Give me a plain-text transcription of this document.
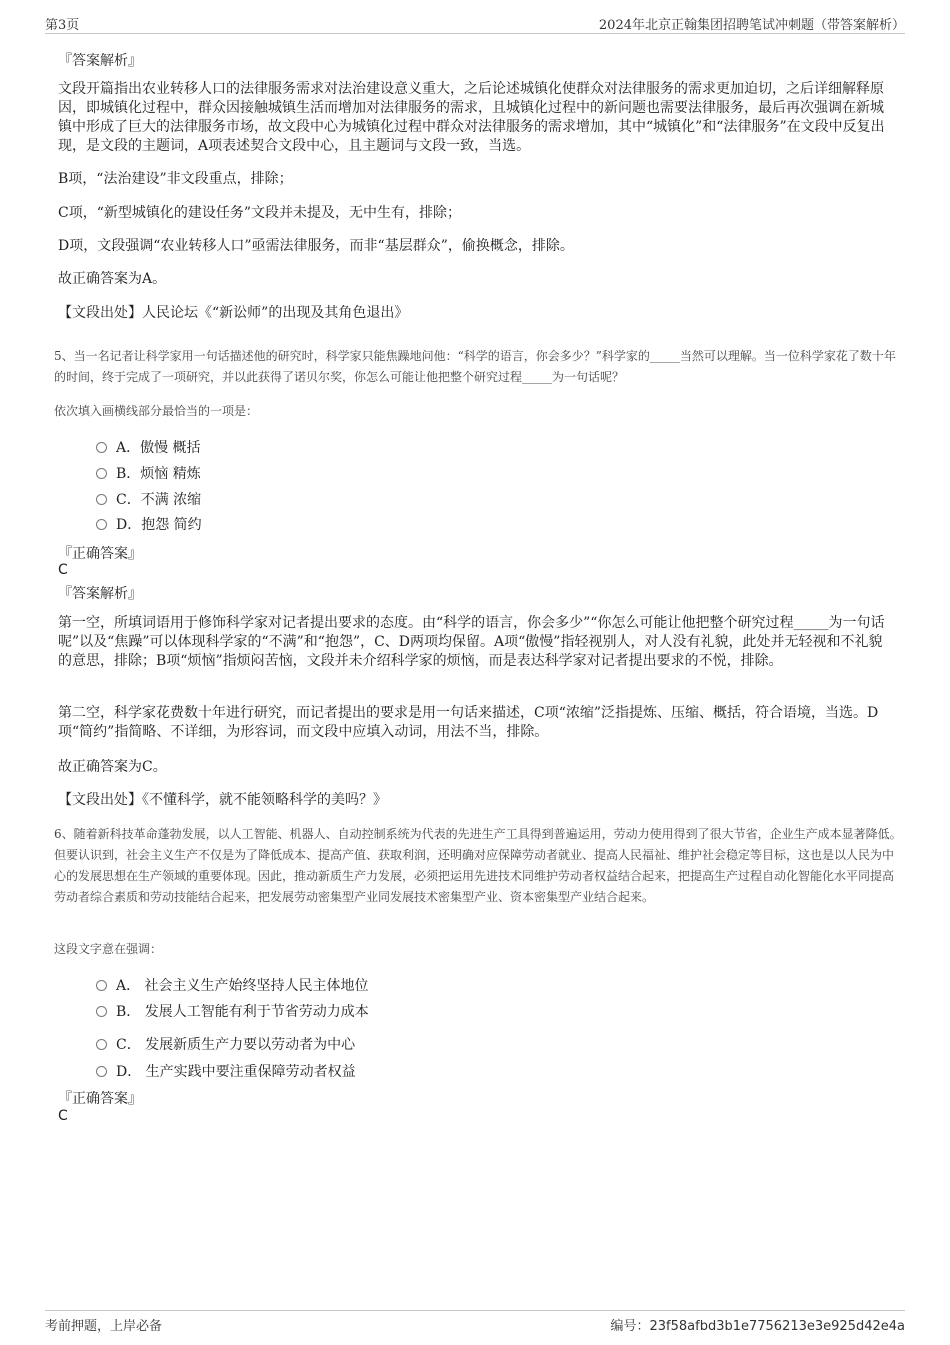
第3页	2024年北京正翰集团招聘笔试冲刺题（带答案解析）
『答案解析』
文段开篇指出农业转移人口的法律服务需求对法治建设意义重大，之后论述城镇化使群众对法律服务的需求更加迫切，之后详细解释原因，即城镇化过程中，群众因接触城镇生活而增加对法律服务的需求，且城镇化过程中的新问题也需要法律服务，最后再次强调在新城镇中形成了巨大的法律服务市场，故文段中心为城镇化过程中群众对法律服务的需求增加，其中“城镇化”和“法律服务”在文段中反复出现，是文段的主题词，A项表述契合文段中心，且主题词与文段一致，当选。
B项，“法治建设”非文段重点，排除；
C项，“新型城镇化的建设任务”文段并未提及，无中生有，排除；
D项，文段强调“农业转移人口”亟需法律服务，而非“基层群众”，偷换概念，排除。
故正确答案为A。
【文段出处】人民论坛《“新讼师”的出现及其角色退出》
5、当一名记者让科学家用一句话描述他的研究时，科学家只能焦躁地问他：“科学的语言，你会多少？”科学家的_____当然可以理解。当一位科学家花了数十年的时间，终于完成了一项研究，并以此获得了诺贝尔奖，你怎么可能让他把整个研究过程_____为一句话呢？
依次填入画横线部分最恰当的一项是：
A．傲慢 概括
B．烦恼 精炼
C．不满 浓缩
D．抱怨 简约
『正确答案』
C
『答案解析』
第一空，所填词语用于修饰科学家对记者提出要求的态度。由“科学的语言，你会多少”“你怎么可能让他把整个研究过程_____为一句话呢”以及“焦躁”可以体现科学家的“不满”和“抱怨”，C、D两项均保留。A项“傲慢”指轻视别人，对人没有礼貌，此处并无轻视和不礼貌的意思，排除；B项“烦恼”指烦闷苦恼，文段并未介绍科学家的烦恼，而是表达科学家对记者提出要求的不悦，排除。
第二空，科学家花费数十年进行研究，而记者提出的要求是用一句话来描述，C项“浓缩”泛指提炼、压缩、概括，符合语境，当选。D项“简约”指简略、不详细，为形容词，而文段中应填入动词，用法不当，排除。
故正确答案为C。
【文段出处】《不懂科学，就不能领略科学的美吗？》
6、随着新科技革命蓬勃发展，以人工智能、机器人、自动控制系统为代表的先进生产工具得到普遍运用，劳动力使用得到了很大节省，企业生产成本显著降低。但要认识到，社会主义生产不仅是为了降低成本、提高产值、获取利润，还明确对应保障劳动者就业、提高人民福祉、维护社会稳定等目标，这也是以人民为中心的发展思想在生产领域的重要体现。因此，推动新质生产力发展，必须把运用先进技术同维护劳动者权益结合起来，把提高生产过程自动化智能化水平同提高劳动者综合素质和劳动技能结合起来，把发展劳动密集型产业同发展技术密集型产业、资本密集型产业结合起来。
这段文字意在强调：
A． 社会主义生产始终坚持人民主体地位
B． 发展人工智能有利于节省劳动力成本
C． 发展新质生产力要以劳动者为中心
D． 生产实践中要注重保障劳动者权益
『正确答案』
C
考前押题，上岸必备	编号：23f58afbd3b1e7756213e3e925d42e4a
